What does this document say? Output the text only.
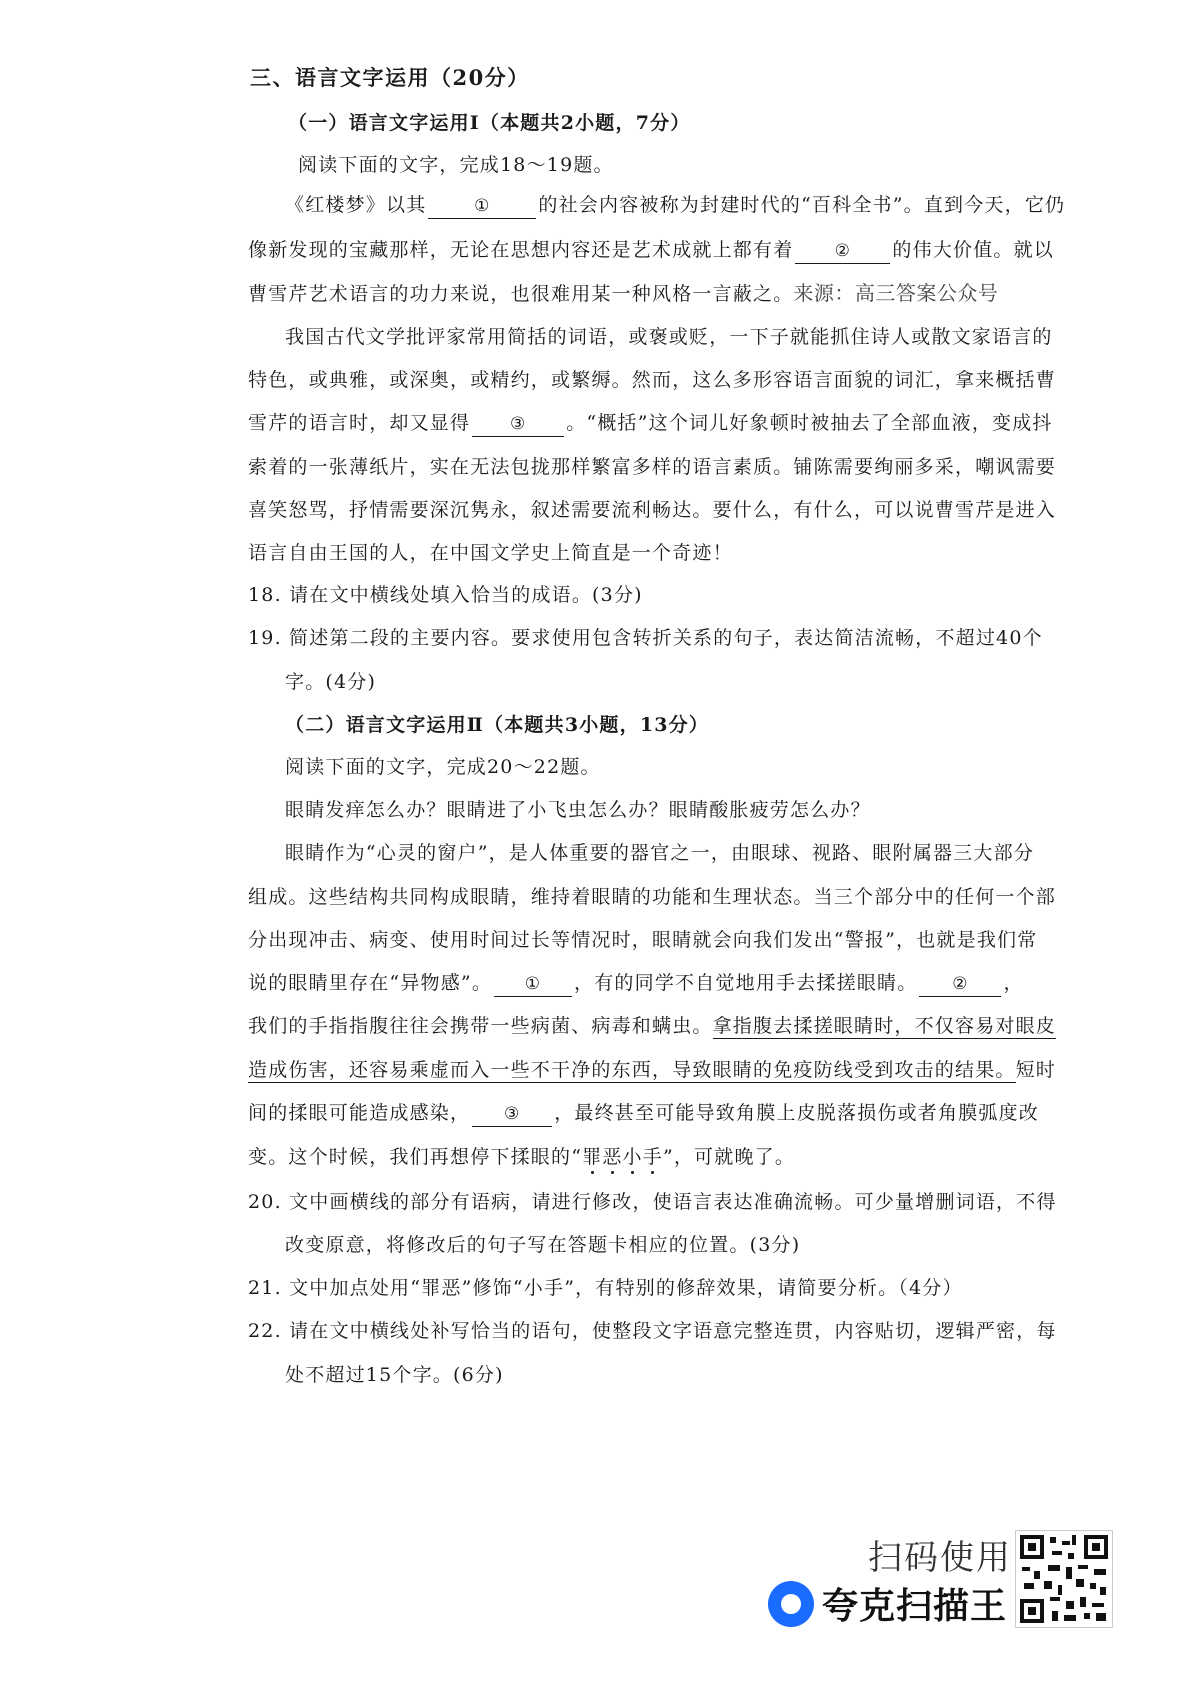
三、语言文字运用（20分）
（一）语言文字运用Ⅰ（本题共2小题，7分）
阅读下面的文字，完成18～19题。
《红楼梦》以其	①	的社会内容被称为封建时代的“百科全书”。直到今天，它仍
像新发现的宝藏那样，无论在思想内容还是艺术成就上都有着 ② 的伟大价值。就以
曹雪芹艺术语言的功力来说，也很难用某一种风格一言蔽之。来源：高三答案公众号
我国古代文学批评家常用简括的词语，或褒或贬，一下子就能抓住诗人或散文家语言的
特色，或典雅，或深奥，或精约，或繁缛。然而，这么多形容语言面貌的词汇，拿来概括曹
雪芹的语言时，却又显得 ③ 。“概括”这个词儿好象顿时被抽去了全部血液，变成抖
索着的一张薄纸片，实在无法包拢那样繁富多样的语言素质。铺陈需要绚丽多采，嘲讽需要
喜笑怒骂，抒情需要深沉隽永，叙述需要流利畅达。要什么，有什么，可以说曹雪芹是进入
语言自由王国的人，在中国文学史上简直是一个奇迹！
18. 请在文中横线处填入恰当的成语。(3分)
19. 简述第二段的主要内容。要求使用包含转折关系的句子，表达简洁流畅，不超过40个
字。(4分)
（二）语言文字运用Ⅱ（本题共3小题，13分）
阅读下面的文字，完成20～22题。
眼睛发痒怎么办？眼睛进了小飞虫怎么办？眼睛酸胀疲劳怎么办？
眼睛作为“心灵的窗户”，是人体重要的器官之一，由眼球、视路、眼附属器三大部分
组成。这些结构共同构成眼睛，维持着眼睛的功能和生理状态。当三个部分中的任何一个部
分出现冲击、病变、使用时间过长等情况时，眼睛就会向我们发出“警报”，也就是我们常
说的眼睛里存在“异物感”。 ① ，有的同学不自觉地用手去揉搓眼睛。 ② ，
我们的手指指腹往往会携带一些病菌、病毒和螨虫。拿指腹去揉搓眼睛时，不仅容易对眼皮
造成伤害，还容易乘虚而入一些不干净的东西，导致眼睛的免疫防线受到攻击的结果。短时
间的揉眼可能造成感染， ③ ，最终甚至可能导致角膜上皮脱落损伤或者角膜弧度改
变。这个时候，我们再想停下揉眼的“罪恶小手”，可就晚了。
20. 文中画横线的部分有语病，请进行修改，使语言表达准确流畅。可少量增删词语，不得
改变原意，将修改后的句子写在答题卡相应的位置。(3分)
21. 文中加点处用“罪恶”修饰“小手”，有特别的修辞效果，请简要分析。（4分）
22. 请在文中横线处补写恰当的语句，使整段文字语意完整连贯，内容贴切，逻辑严密，每
处不超过15个字。(6分)
扫码使用
夸克扫描王
